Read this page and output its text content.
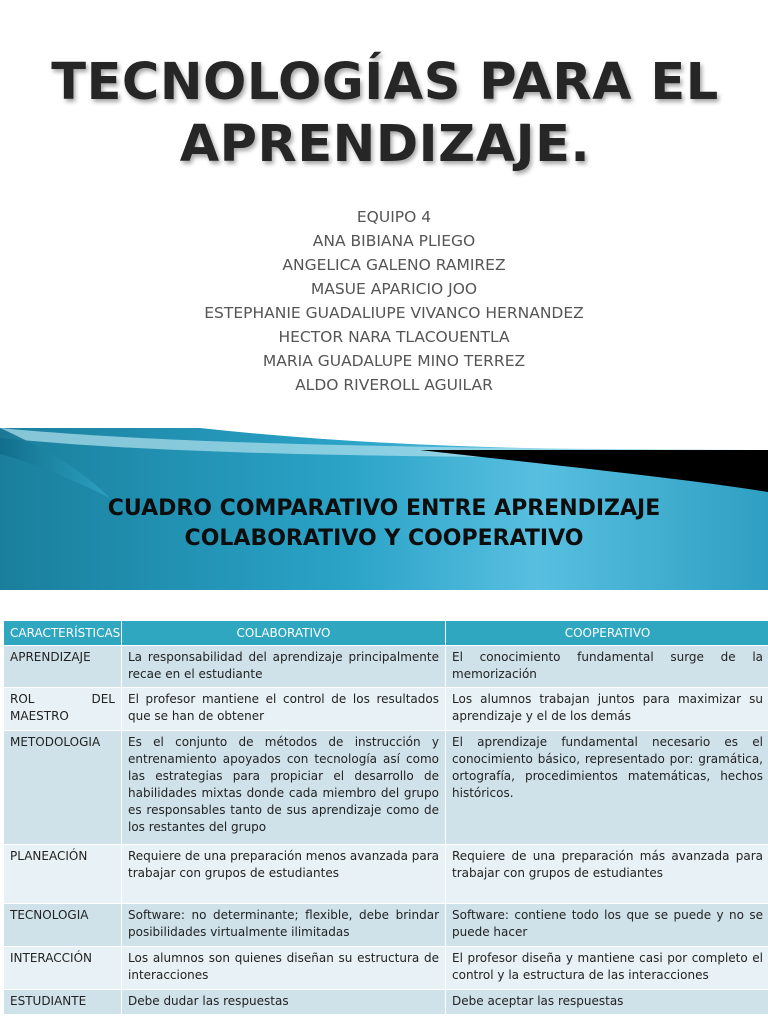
TECNOLOGÍAS PARA EL
APRENDIZAJE.
EQUIPO 4
ANA BIBIANA PLIEGO
ANGELICA GALENO RAMIREZ
MASUE APARICIO JOO
ESTEPHANIE GUADALIUPE VIVANCO HERNANDEZ
HECTOR NARA TLACOUENTLA
MARIA GUADALUPE MINO TERREZ
ALDO RIVEROLL AGUILAR
CUADRO COMPARATIVO ENTRE APRENDIZAJE
COLABORATIVO Y COOPERATIVO
CARACTERÍSTICAS	COLABORATIVO	COOPERATIVO
APRENDIZAJE	La responsabilidad del aprendizaje principalmente recae en el estudiante	El conocimiento fundamental surge de la memorización
ROL DEL MAESTRO	El profesor mantiene el control de los resultados que se han de obtener	Los alumnos trabajan juntos para maximizar su aprendizaje y el de los demás
METODOLOGIA	Es el conjunto de métodos de instrucción y entrenamiento apoyados con tecnología así como las estrategias para propiciar el desarrollo de habilidades mixtas donde cada miembro del grupo es responsables tanto de sus aprendizaje como de los restantes del grupo	El aprendizaje fundamental necesario es el conocimiento básico, representado por: gramática, ortografía, procedimientos matemáticas, hechos históricos.
PLANEACIÓN	Requiere de una preparación menos avanzada para trabajar con grupos de estudiantes	Requiere de una preparación más avanzada para trabajar con grupos de estudiantes
TECNOLOGIA	Software: no determinante; flexible, debe brindar posibilidades virtualmente ilimitadas	Software: contiene todo los que se puede y no se puede hacer
INTERACCIÓN	Los alumnos son quienes diseñan su estructura de interacciones	El profesor diseña y mantiene casi por completo el control y la estructura de las interacciones
ESTUDIANTE	Debe dudar las respuestas	Debe aceptar las respuestas
